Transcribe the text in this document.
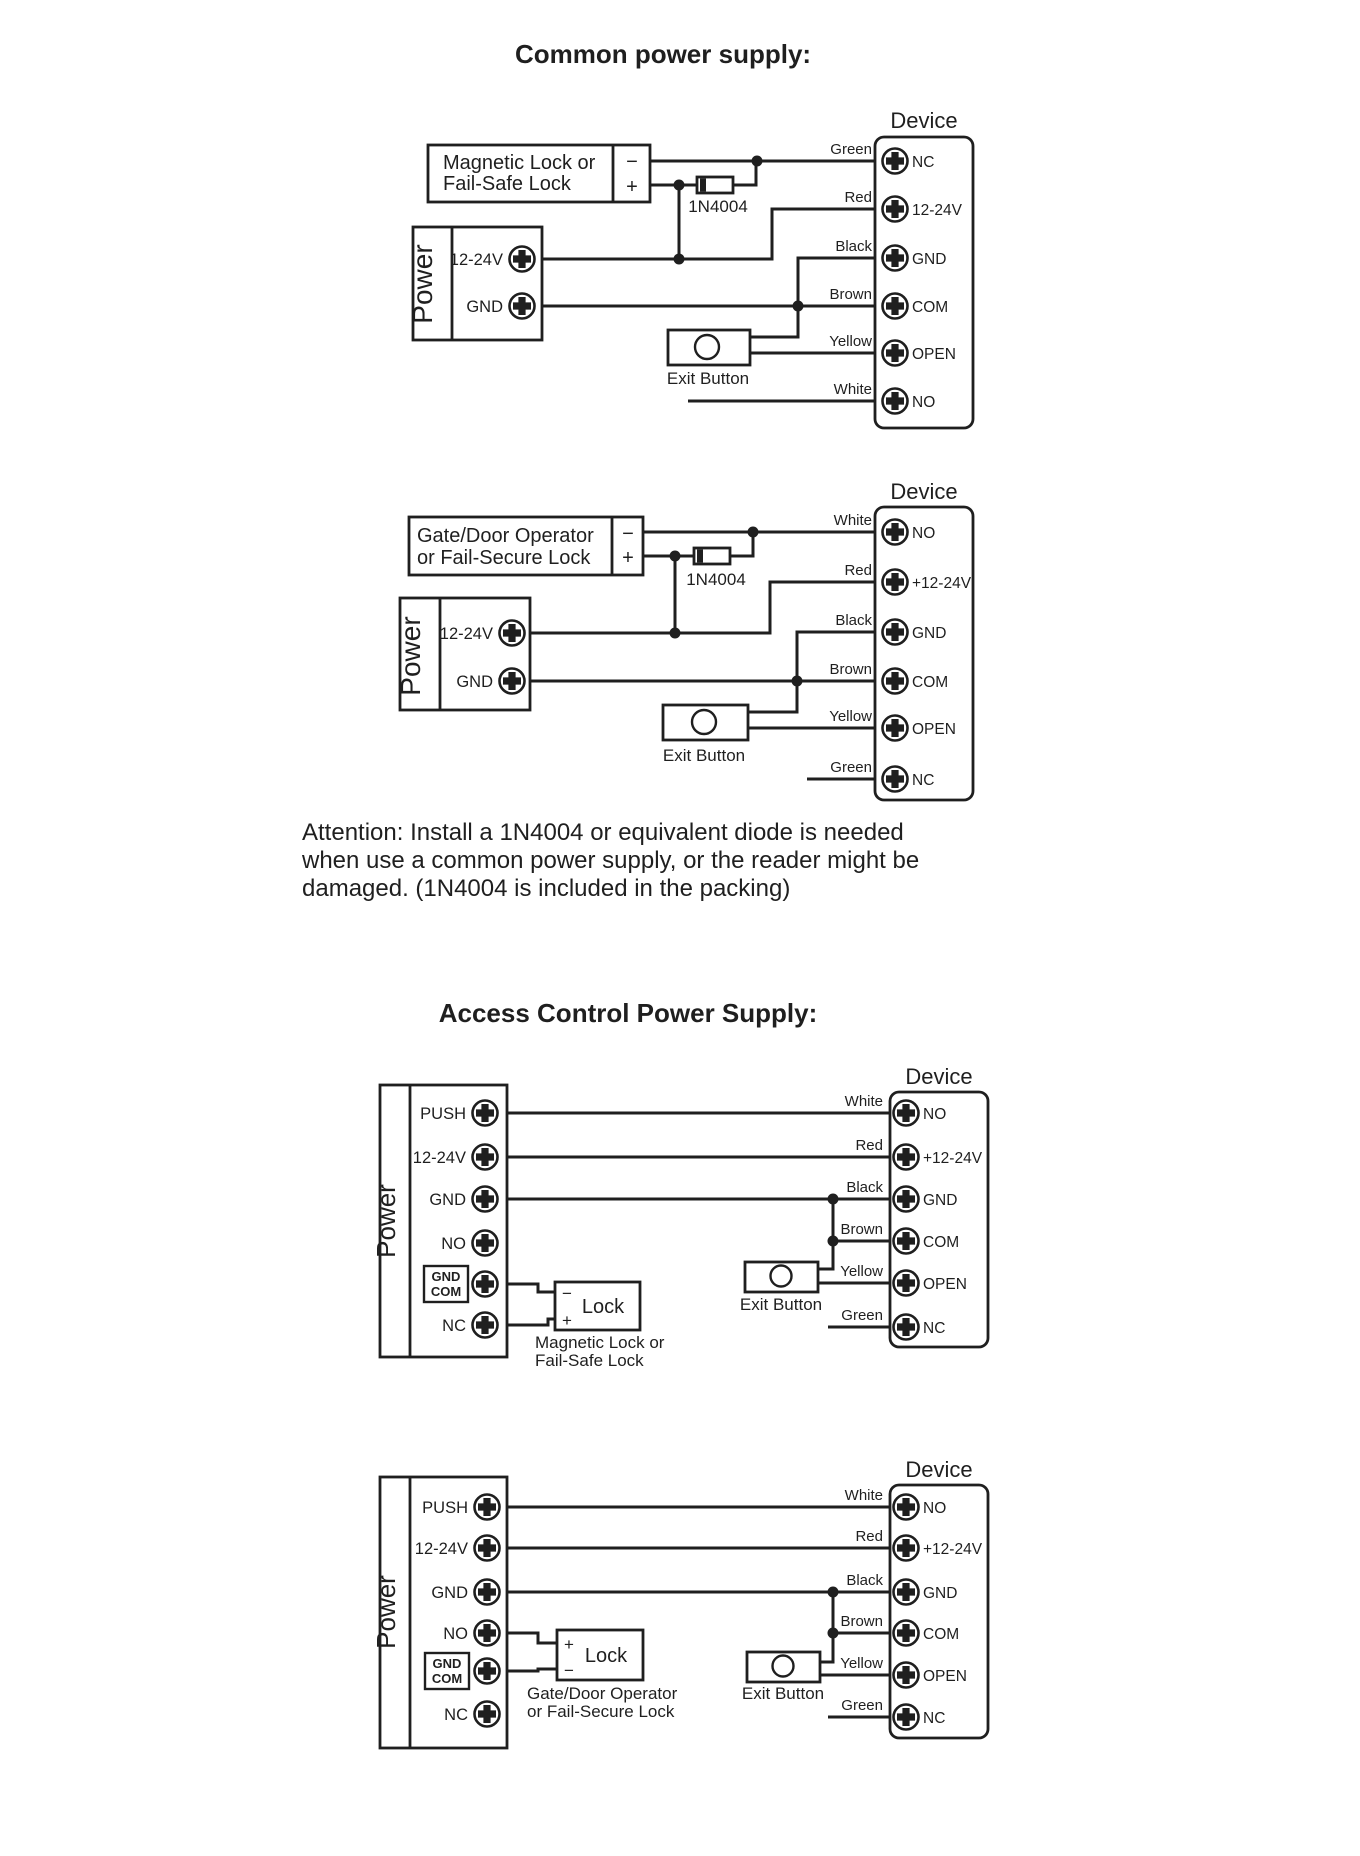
Common power supply:
Access Control Power Supply:
1N4004
Magnetic Lock or
Fail-Safe Lock
−
+
Power 12-24V
GND
Exit Button
Device
NC
Green
12-24V
Red
GND
Black
COM
Brown
OPEN
Yellow
NO
White
1N4004
Gate/Door Operator
or Fail-Secure Lock
−
+
Power 12-24V
GND
Exit Button
Device
NO
White
+12-24V
Red
GND
Black
COM
Brown
OPEN
Yellow
NC
Green
Attention: Install a 1N4004 or equivalent diode is needed
when use a common power supply, or the reader might be
damaged. (1N4004 is included in the packing)
Power
PUSH
12-24V
GND
NO
GND
COM
NC
−
+
Lock
Magnetic Lock or
Fail-Safe Lock
Exit Button
Device
NO
White
+12-24V
Red
GND
Black
COM
Brown
OPEN
Yellow
NC
Green
Power
PUSH
12-24V
GND
NO
GND
COM
NC
+
−
Lock
Gate/Door Operator
or Fail-Secure Lock
Exit Button
Device
NO
White
+12-24V
Red
GND
Black
COM
Brown
OPEN
Yellow
NC
Green
